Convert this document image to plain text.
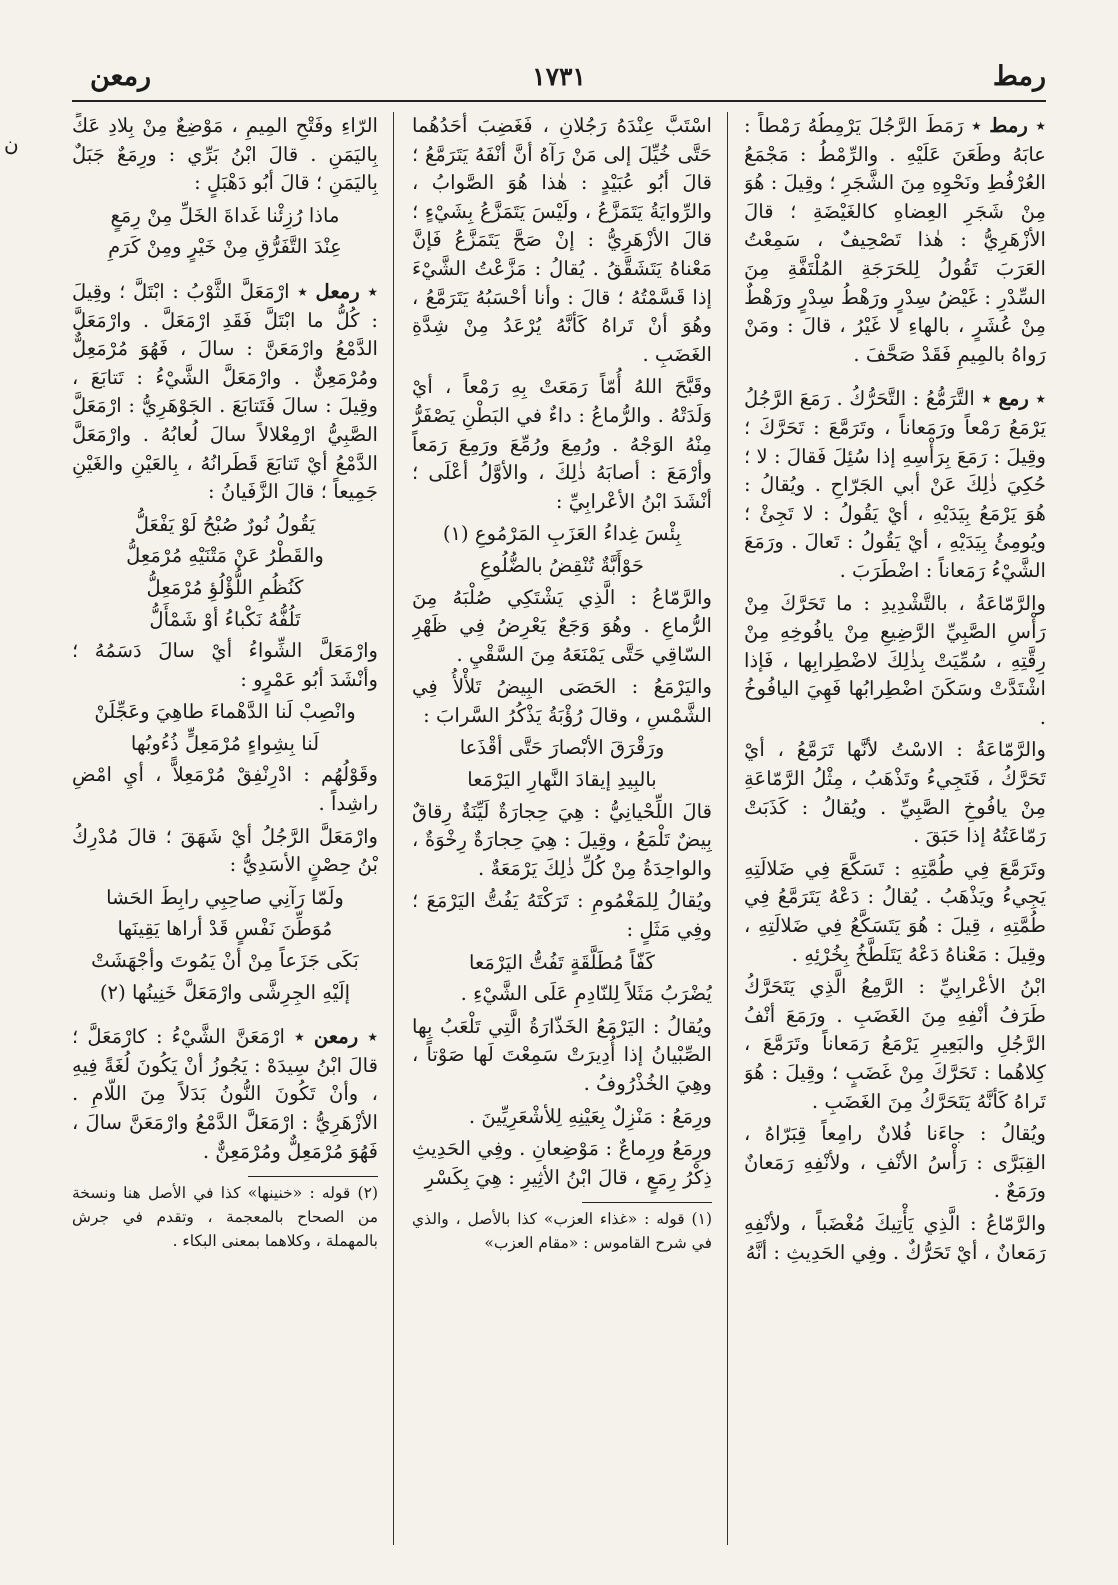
رمط
١٧٣١
رمعن
ن

٭ رمط ٭ رَمَطَ الرَّجُلَ يَرْمِطُهُ رَمْطاً : عابَهُ وطَعَنَ عَلَيْهِ . والرِّمْطُ : مَجْمَعُ العُرْفُطِ ونَحْوِهِ مِنَ الشَّجَرِ ؛ وقِيلَ : هُوَ مِنْ شَجَرِ العِضاهِ كالغَيْضَةِ ؛ قالَ الأزْهَرِيُّ : هٰذا تَصْحِيفٌ ، سَمِعْتُ العَرَبَ تَقُولُ لِلحَرَجَةِ المُلْتَفَّةِ مِنَ السِّدْرِ : غَيْضُ سِدْرٍ ورَهْطُ سِدْرٍ ورَهْطٌ مِنْ عُشَرٍ ، بالهاءِ لا غَيْرُ ، قالَ : ومَنْ رَواهُ بالمِيمِ فَقَدْ صَحَّفَ .

٭ رمع ٭ التَّرَمُّعُ : التَّحَرُّكُ . رَمَعَ الرَّجُلُ يَرْمَعُ رَمْعاً ورَمَعاناً ، وتَرَمَّعَ : تَحَرَّكَ ؛ وقِيلَ : رَمَعَ بِرَأْسِهِ إذا سُئِلَ فَقالَ : لا ؛ حُكِيَ ذٰلِكَ عَنْ أبي الجَرّاحِ . ويُقالُ : هُوَ يَرْمَعُ بِيَدَيْهِ ، أيْ يَقُولُ : لا تَجِئْ ؛ ويُومِئُ بِيَدَيْهِ ، أيْ يَقُولُ : تَعالَ . ورَمَعَ الشَّيْءُ رَمَعاناً : اضْطَرَبَ .

والرَّمّاعَةُ ، بالتَّشْدِيدِ : ما تَحَرَّكَ مِنْ رَأْسِ الصَّبِيِّ الرَّضِيعِ مِنْ يافُوخِهِ مِنْ رِقَّتِهِ ، سُمِّيَتْ بِذٰلِكَ لاضْطِرابِها ، فَإذا اشْتَدَّتْ وسَكَنَ اضْطِرابُها فَهِيَ اليافُوخُ .

والرَّمّاعَةُ : الاسْتُ لأنَّها تَرَمَّعُ ، أيْ تَحَرَّكُ ، فَتَجِيءُ وتَذْهَبُ ، مِثْلُ الرَّمّاعَةِ مِنْ يافُوخِ الصَّبِيِّ . ويُقالُ : كَذَبَتْ رَمّاعَتُهُ إذا حَبَقَ .

وتَرَمَّعَ فِي طُمَّتِهِ : تَسَكَّعَ فِي ضَلالَتِهِ يَجِيءُ ويَذْهَبُ . يُقالُ : دَعْهُ يَتَرَمَّعُ فِي طُمَّتِهِ ، قِيلَ : هُوَ يَتَسَكَّعُ فِي ضَلالَتِهِ ، وقِيلَ : مَعْناهُ دَعْهُ يَتَلَطَّخُ بِخُرْئِهِ .

ابْنُ الأعْرابِيِّ : الرَّمِعُ الَّذِي يَتَحَرَّكُ طَرَفُ أنْفِهِ مِنَ الغَضَبِ . ورَمَعَ أنْفُ الرَّجُلِ والبَعِيرِ يَرْمَعُ رَمَعاناً وتَرَمَّعَ ، كِلاهُما : تَحَرَّكَ مِنْ غَضَبٍ ؛ وقِيلَ : هُوَ تَراهُ كَأنَّهُ يَتَحَرَّكُ مِنَ الغَضَبِ .

ويُقالُ : جاءَنا فُلانٌ رامِعاً قِبَرّاهُ ، القِبَرَّى : رَأْسُ الأنْفِ ، ولأنْفِهِ رَمَعانٌ ورَمَعٌ .

والرَّمّاعُ : الَّذِي يَأْتِيكَ مُغْضَباً ، ولأنْفِهِ رَمَعانٌ ، أيْ تَحَرُّكٌ . وفِي الحَدِيثِ : أنَّهُ

اسْتَبَّ عِنْدَهُ رَجُلانِ ، فَغَضِبَ أحَدُهُما حَتَّى خُيِّلَ إلى مَنْ رَآهُ أنَّ أنْفَهُ يَتَرَمَّعُ ؛ قالَ أبُو عُبَيْدٍ : هٰذا هُوَ الصَّوابُ ، والرِّوايَةُ يَتَمَزَّعُ ، ولَيْسَ يَتَمَزَّعُ بِشَيْءٍ ؛ قالَ الأزْهَرِيُّ : إنْ صَحَّ يَتَمَزَّعُ فَإنَّ مَعْناهُ يَتَشَقَّقُ . يُقالُ : مَزَّعْتُ الشَّيْءَ إذا قَسَّمْتُهُ ؛ قالَ : وأنا أحْسَبُهُ يَتَرَمَّعُ ، وهُوَ أنْ تَراهُ كَأنَّهُ يُرْعَدُ مِنْ شِدَّةِ الغَضَبِ .

وقَبَّحَ اللهُ أُمّاً رَمَعَتْ بِهِ رَمْعاً ، أيْ وَلَدَتْهُ . والرُّماعُ : داءٌ في البَطْنِ يَصْفَرُّ مِنْهُ الوَجْهُ . ورُمِعَ ورُمِّعَ ورَمِعَ رَمَعاً وأرْمَعَ : أصابَهُ ذٰلِكَ ، والأوَّلُ أعْلَى ؛ أنْشَدَ ابْنُ الأعْرابِيِّ :

بِئْسَ غِداءُ العَزَبِ المَرْمُوعِ (١)
حَوْأَبَّةٌ تُنْقِضُ بالضُّلُوعِ

والرَّمّاعُ : الَّذِي يَشْتَكِي صُلْبَهُ مِنَ الرُّماعِ . وهُوَ وَجَعٌ يَعْرِضُ فِي ظَهْرِ السّاقِي حَتَّى يَمْنَعَهُ مِنَ السَّقْيِ .

واليَرْمَعُ : الحَصَى البِيضُ تَلأْلأُ فِي الشَّمْسِ ، وقالَ رُؤْبَةُ يَذْكُرُ السَّرابَ :

ورَقْرَقَ الأبْصارَ حَتَّى أقْذَعا
بالبِيدِ إيقادَ النَّهارِ اليَرْمَعا

قالَ اللِّحْيانِيُّ : هِيَ حِجارَةٌ لَيِّنَةٌ رِقاقٌ بِيضٌ تَلْمَعُ ، وقِيلَ : هِيَ حِجارَةٌ رِخْوَةٌ ، والواحِدَةُ مِنْ كُلِّ ذٰلِكَ يَرْمَعَةٌ .

ويُقالُ لِلمَغْمُومِ : تَرَكْتَهُ يَفُتُّ اليَرْمَعَ ؛ وفِي مَثَلٍ :

كَفّاً مُطَلَّقَةٍ تَفُتُّ اليَرْمَعا

يُضْرَبُ مَثَلاً لِلنّادِمِ عَلَى الشَّيْءِ .

ويُقالُ : اليَرْمَعُ الخَذّارَةُ الَّتِي تَلْعَبُ بِها الصِّبْيانُ إذا أُدِيرَتْ سَمِعْتَ لَها صَوْتاً ، وهِيَ الخُذْرُوفُ .

ورِمَعُ : مَنْزِلٌ بِعَيْنِهِ لِلأشْعَرِيِّينَ .

ورِمَعُ ورِماعٌ : مَوْضِعانِ . وفِي الحَدِيثِ ذِكْرُ رِمَعٍ ، قالَ ابْنُ الأثِيرِ : هِيَ بِكَسْرِ

(١) قوله : «غذاء العزب» كذا بالأصل ، والذي في شرح القاموس : «مقام العزب»

الرّاءِ وفَتْحِ المِيمِ ، مَوْضِعٌ مِنْ بِلادِ عَكٍّ بِاليَمَنِ . قالَ ابْنُ بَرِّي : ورِمَعٌ جَبَلٌ بِاليَمَنِ ؛ قالَ أبُو دَهْبَلٍ :

ماذا رُزِئْنا غَداةَ الخَلِّ مِنْ رِمَعٍ
عِنْدَ التَّفَرُّقِ مِنْ خَيْرٍ ومِنْ كَرَمِ

٭ رمعل ٭ ارْمَعَلَّ الثَّوْبُ : ابْتَلَّ ؛ وقِيلَ : كُلُّ ما ابْتَلَّ فَقَدِ ارْمَعَلَّ . وارْمَعَلَّ الدَّمْعُ وارْمَعَنَّ : سالَ ، فَهُوَ مُرْمَعِلٌّ ومُرْمَعِنٌّ . وارْمَعَلَّ الشَّيْءُ : تَتابَعَ ، وقِيلَ : سالَ فَتَتابَعَ . الجَوْهَرِيُّ : ارْمَعَلَّ الصَّبِيُّ ارْمِعْلالاً سالَ لُعابُهُ . وارْمَعَلَّ الدَّمْعُ أيْ تَتابَعَ قَطَرانُهُ ، بِالعَيْنِ والغَيْنِ جَمِيعاً ؛ قالَ الزَّفَيانُ :

يَقُولُ نُورٌ صُبْحُ لَوْ يَفْعَلُّ
والقَطْرُ عَنْ مَتْنَيْهِ مُرْمَعِلُّ
كَنُظُمِ اللُّؤْلُؤِ مُرْمَعِلُّ
تَلُفُّهُ نَكْباءُ أوْ شَمْأَلُّ

وارْمَعَلَّ الشِّواءُ أيْ سالَ دَسَمُهُ ؛ وأنْشَدَ أبُو عَمْرٍو :

وانْصِبْ لَنا الدَّهْماءَ طاهِيَ وعَجِّلَنْ
لَنا بِشِواءٍ مُرْمَعِلٍّ ذُءُوبُها

وقَوْلُهُم : ادْرِنْفِقْ مُرْمَعِلاًّ ، أيِ امْضِ راشِداً .

وارْمَعَلَّ الرَّجُلُ أيْ شَهَقَ ؛ قالَ مُدْرِكُ بْنُ حِصْنٍ الأسَدِيُّ :

ولَمّا رَآنِي صاحِبِي رابِطَ الحَشا
مُوَطِّنَ نَفْسٍ قَدْ أراها يَقِينَها
بَكَى جَزَعاً مِنْ أنْ يَمُوتَ وأجْهَشَتْ
إلَيْهِ الجِرِشَّى وارْمَعَلَّ خَنِينُها (٢)

٭ رمعن ٭ ارْمَعَنَّ الشَّيْءُ : كارْمَعَلَّ ؛ قالَ ابْنُ سِيدَهْ : يَجُوزُ أنْ يَكُونَ لُغَةً فِيهِ ، وأنْ تَكُونَ النُّونُ بَدَلاً مِنَ اللّامِ . الأزْهَرِيُّ : ارْمَعَلَّ الدَّمْعُ وارْمَعَنَّ سالَ ، فَهُوَ مُرْمَعِلٌّ ومُرْمَعِنٌّ .

(٢) قوله : «خنينها» كذا في الأصل هنا ونسخة من الصحاح بالمعجمة ، وتقدم في جرش بالمهملة ، وكلاهما بمعنى البكاء .
